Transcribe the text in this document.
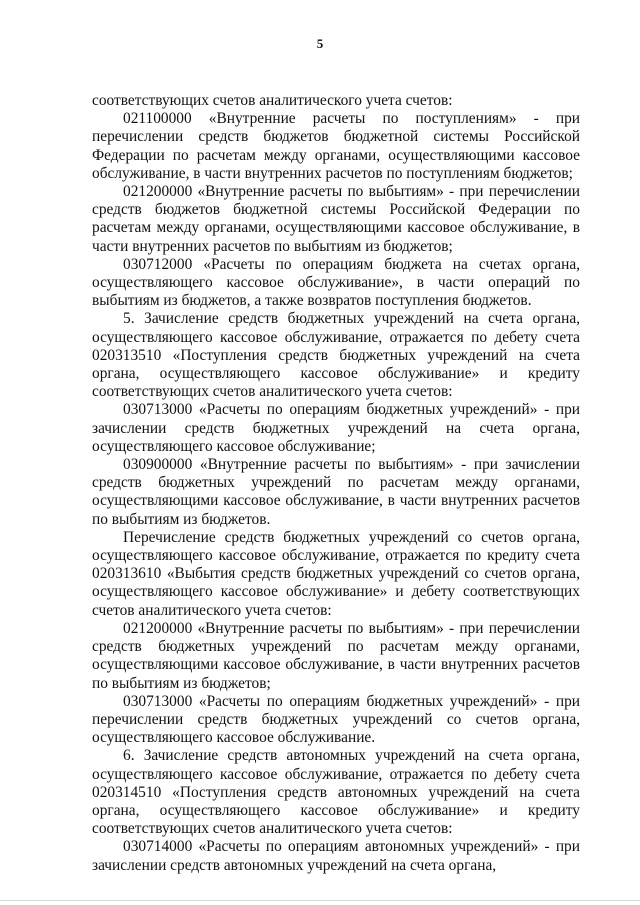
5

соответствующих счетов аналитического учета счетов:

021100000 «Внутренние расчеты по поступлениям» - при перечислении средств бюджетов бюджетной системы Российской Федерации по расчетам между органами, осуществляющими кассовое обслуживание, в части внутренних расчетов по поступлениям бюджетов;

021200000 «Внутренние расчеты по выбытиям» - при перечислении средств бюджетов бюджетной системы Российской Федерации по расчетам между органами, осуществляющими кассовое обслуживание, в части внутренних расчетов по выбытиям из бюджетов;

030712000 «Расчеты по операциям бюджета на счетах органа, осуществляющего кассовое обслуживание», в части операций по выбытиям из бюджетов, а также возвратов поступления бюджетов.

5. Зачисление средств бюджетных учреждений на счета органа, осуществляющего кассовое обслуживание, отражается по дебету счета 020313510 «Поступления средств бюджетных учреждений на счета органа, осуществляющего кассовое обслуживание» и кредиту соответствующих счетов аналитического учета счетов:

030713000 «Расчеты по операциям бюджетных учреждений» - при зачислении средств бюджетных учреждений на счета органа, осуществляющего кассовое обслуживание;

030900000 «Внутренние расчеты по выбытиям» - при зачислении средств бюджетных учреждений по расчетам между органами, осуществляющими кассовое обслуживание, в части внутренних расчетов по выбытиям из бюджетов.

Перечисление средств бюджетных учреждений со счетов органа, осуществляющего кассовое обслуживание, отражается по кредиту счета 020313610 «Выбытия средств бюджетных учреждений со счетов органа, осуществляющего кассовое обслуживание» и дебету соответствующих счетов аналитического учета счетов:

021200000 «Внутренние расчеты по выбытиям» - при перечислении средств бюджетных учреждений по расчетам между органами, осуществляющими кассовое обслуживание, в части внутренних расчетов по выбытиям из бюджетов;

030713000 «Расчеты по операциям бюджетных учреждений» - при перечислении средств бюджетных учреждений со счетов органа, осуществляющего кассовое обслуживание.

6. Зачисление средств автономных учреждений на счета органа, осуществляющего кассовое обслуживание, отражается по дебету счета 020314510 «Поступления средств автономных учреждений на счета органа, осуществляющего кассовое обслуживание» и кредиту соответствующих счетов аналитического учета счетов:

030714000 «Расчеты по операциям автономных учреждений» - при зачислении средств автономных учреждений на счета органа,
